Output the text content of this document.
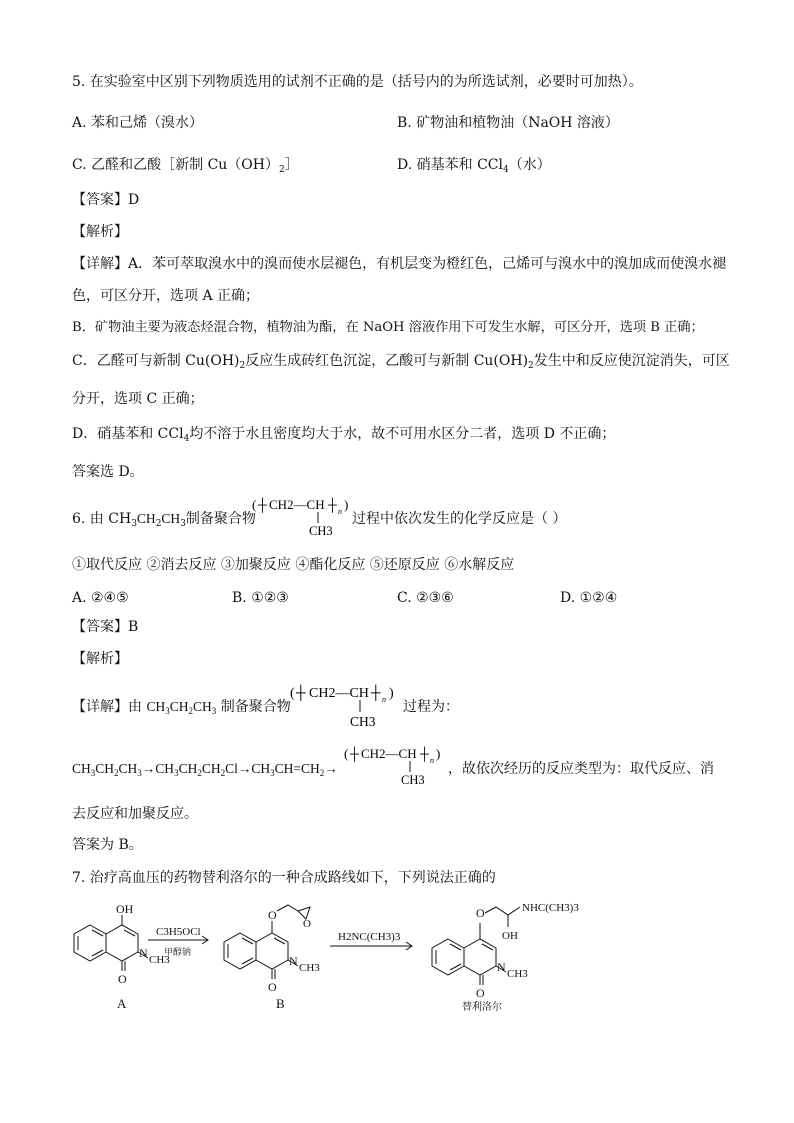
5. 在实验室中区别下列物质选用的试剂不正确的是（括号内的为所选试剂，必要时可加热）。
A. 苯和己烯（溴水）	B. 矿物油和植物油（NaOH 溶液）
C. 乙醛和乙酸［新制 $Cu(OH)_2]$	D. 硝基苯和 CCl$_4$（水）
【答案】D
【解析】
【详解】A．苯可萃取溴水中的溴而使水层褪色，有机层变为橙红色，己烯可与溴水中的溴加成而使溴水褪
色，可区分开，选项 A 正确；
B．矿物油主要为液态烃混合物，植物油为酯，在 NaOH 溶液作用下可发生水解，可区分开，选项 B 正确；
C．乙醛可与新制 $Cu(OH)_2$反应生成砖红色沉淀，乙酸可与新制 $Cu(OH)_2$发生中和反应使沉淀消失，可区
分开，选项 C 正确；
D．硝基苯和 CCl$_4$均不溶于水且密度均大于水，故不可用水区分二者，选项 D 不正确；
答案选 D。
6. 由 $CH_3CH_2CH_3$制备聚合物
( ┼ CH2—CH ┼ n )
CH3
过程中依次发生的化学反应是（ ）
①取代反应 ②消去反应 ③加聚反应 ④酯化反应 ⑤还原反应 ⑥水解反应
A. ②④⑤	B. ①②③	C. ②③⑥	D. ①②④
【答案】B
【解析】
【详解】由 $CH_3CH_2CH_3$ 制备聚合物
( ┼ CH2—CH ┼ n )
CH3
过程为：
$CH_3CH_2CH_3\to CH_3CH_2CH_2Cl\to CH_3CH=CH_2\to$
( ┼ CH2—CH ┼ n )
CH3
，故依次经历的反应类型为：取代反应、消
去反应和加聚反应。
答案为 B。
7. 治疗高血压的药物替利洛尔的一种合成路线如下，下列说法正确的
OH
N CH3
O
A
C3H5OCl
甲醇钠
O
O
N CH3
O
B
H2NC(CH3)3
O	NHC(CH3)3
OH
N CH3
O
替利洛尔
